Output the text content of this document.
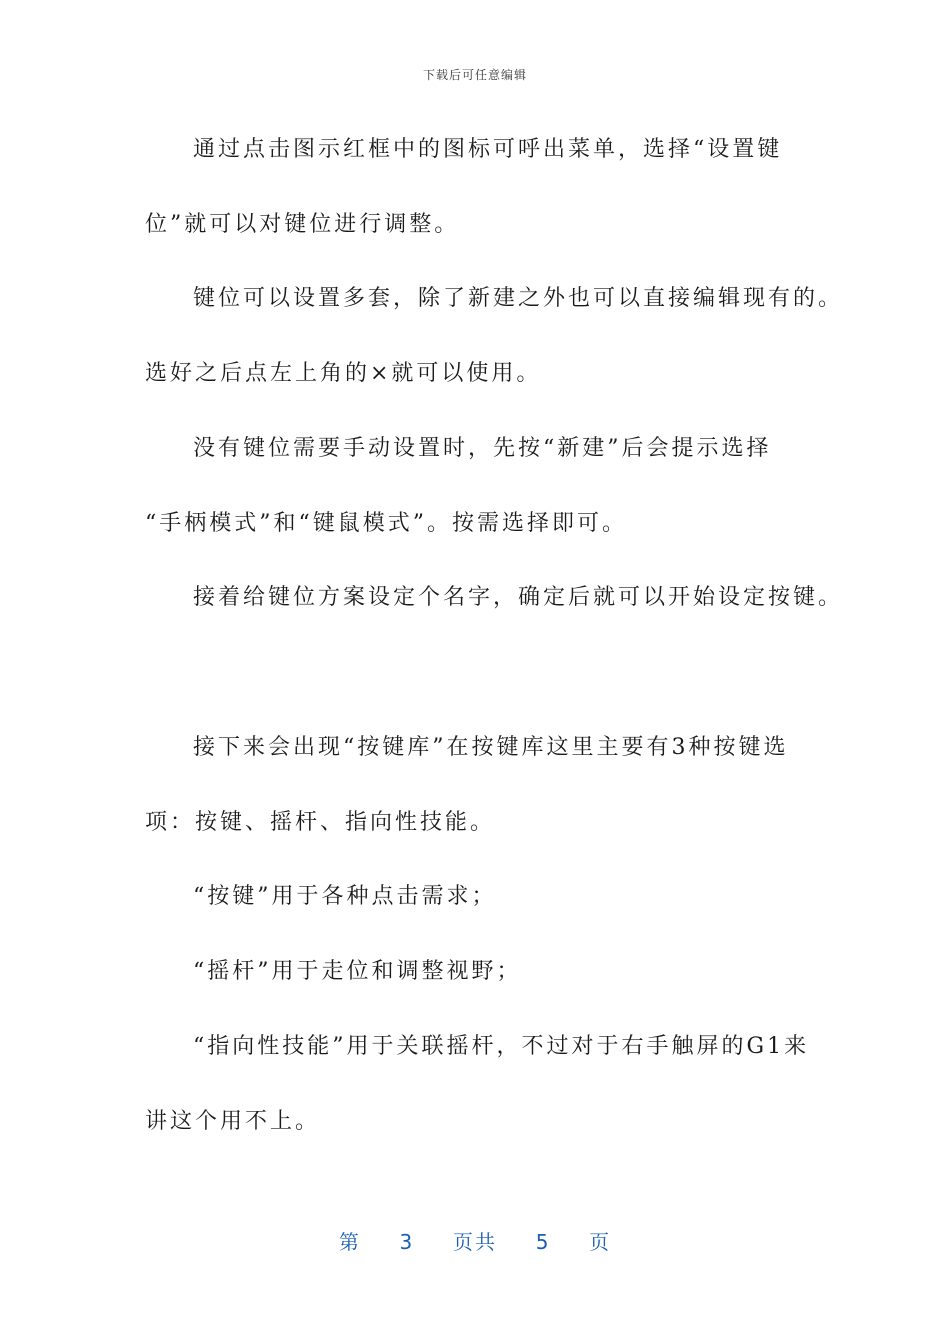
下载后可任意编辑

通过点击图示红框中的图标可呼出菜单，选择“设置键

位”就可以对键位进行调整。

键位可以设置多套，除了新建之外也可以直接编辑现有的。

选好之后点左上角的×就可以使用。

没有键位需要手动设置时，先按“新建”后会提示选择

“手柄模式”和“键鼠模式”。按需选择即可。

接着给键位方案设定个名字，确定后就可以开始设定按键。

接下来会出现“按键库”在按键库这里主要有3种按键选

项：按键、摇杆、指向性技能。

“按键”用于各种点击需求；

“摇杆”用于走位和调整视野；

“指向性技能”用于关联摇杆，不过对于右手触屏的G1来

讲这个用不上。

第 3 页共 5 页
